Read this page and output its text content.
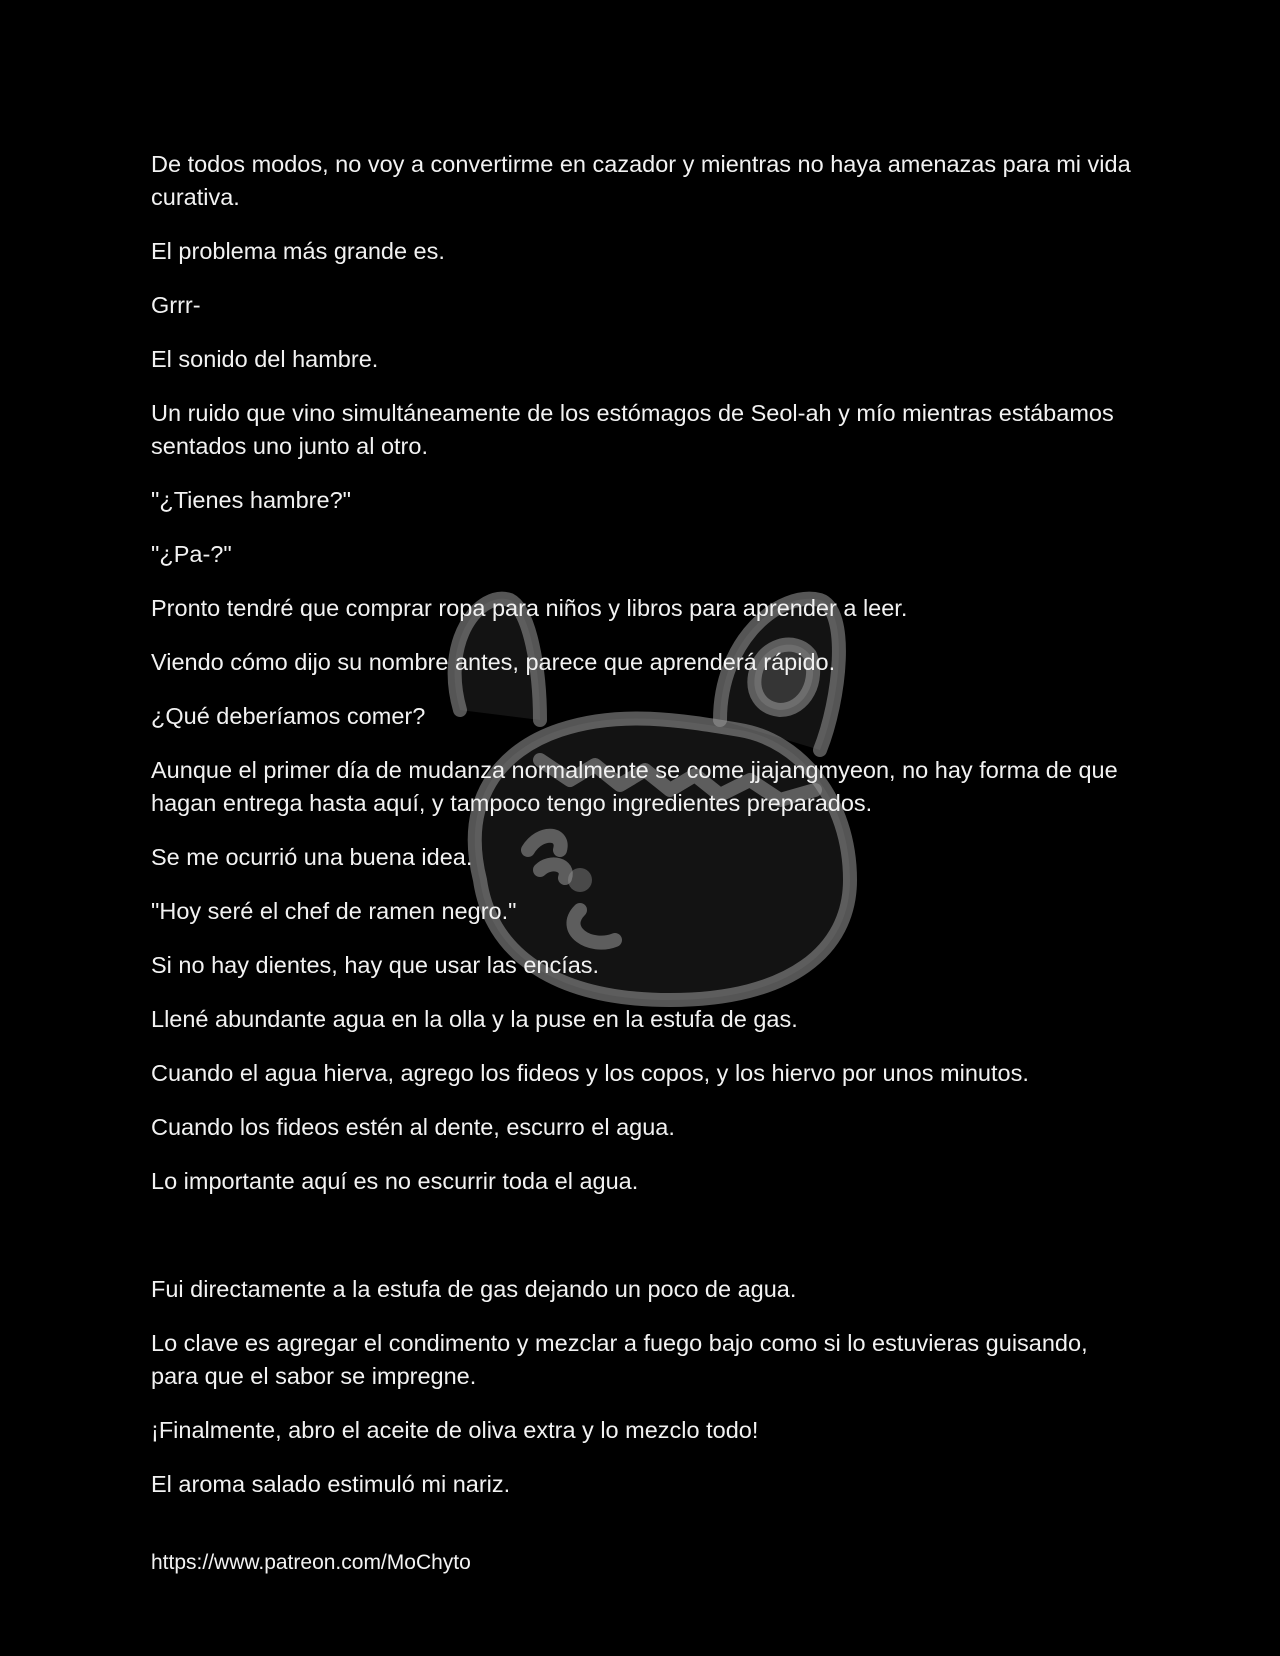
De todos modos, no voy a convertirme en cazador y mientras no haya amenazas para mi vida curativa.

El problema más grande es.

Grrr-

El sonido del hambre.

Un ruido que vino simultáneamente de los estómagos de Seol-ah y mío mientras estábamos sentados uno junto al otro.

"¿Tienes hambre?"

"¿Pa-?"

Pronto tendré que comprar ropa para niños y libros para aprender a leer.

Viendo cómo dijo su nombre antes, parece que aprenderá rápido.

¿Qué deberíamos comer?

Aunque el primer día de mudanza normalmente se come jjajangmyeon, no hay forma de que hagan entrega hasta aquí, y tampoco tengo ingredientes preparados.

Se me ocurrió una buena idea.

"Hoy seré el chef de ramen negro."

Si no hay dientes, hay que usar las encías.

Llené abundante agua en la olla y la puse en la estufa de gas.

Cuando el agua hierva, agrego los fideos y los copos, y los hiervo por unos minutos.

Cuando los fideos estén al dente, escurro el agua.

Lo importante aquí es no escurrir toda el agua.

Fui directamente a la estufa de gas dejando un poco de agua.

Lo clave es agregar el condimento y mezclar a fuego bajo como si lo estuvieras guisando, para que el sabor se impregne.

¡Finalmente, abro el aceite de oliva extra y lo mezclo todo!

El aroma salado estimuló mi nariz.

https://www.patreon.com/MoChyto
